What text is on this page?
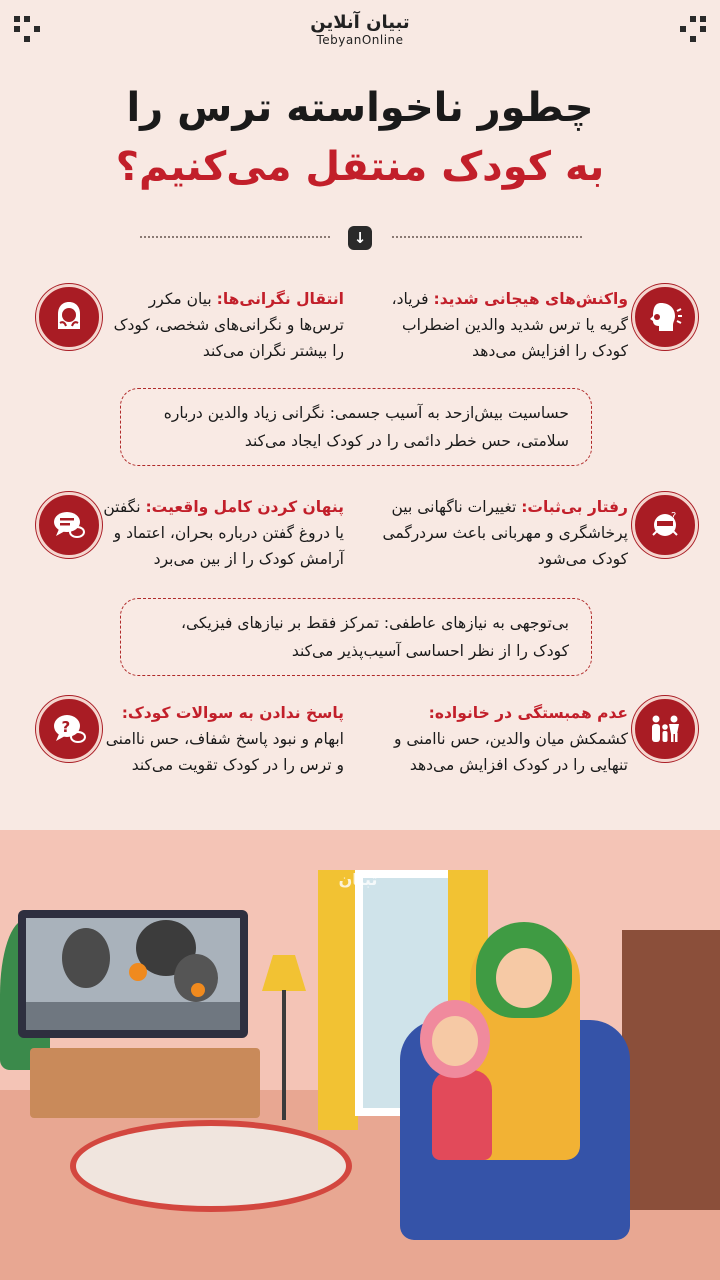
تبیان آنلاین
TebyanOnline
چطور ناخواسته ترس را
به کودک منتقل می‌کنیم؟
↓
واکنش‌های هیجانی شدید: فریاد، گریه یا ترس شدید والدین اضطراب کودک را افزایش می‌دهد
انتقال نگرانی‌ها: بیان مکرر ترس‌ها و نگرانی‌های شخصی، کودک را بیشتر نگران می‌کند
حساسیت بیش‌ازحد به آسیب جسمی: نگرانی زیاد والدین درباره سلامتی، حس خطر دائمی را در کودک ایجاد می‌کند
?
رفتار بی‌ثبات: تغییرات ناگهانی بین پرخاشگری و مهربانی باعث سردرگمی کودک می‌شود
پنهان کردن کامل واقعیت: نگفتن یا دروغ گفتن درباره بحران، اعتماد و آرامش کودک را از بین می‌برد
بی‌توجهی به نیازهای عاطفی: تمرکز فقط بر نیازهای فیزیکی، کودک را از نظر احساسی آسیب‌پذیر می‌کند
عدم همبستگی در خانواده: کشمکش میان والدین، حس ناامنی و تنهایی را در کودک افزایش می‌دهد
?
پاسخ ندادن به سوالات کودک: ابهام و نبود پاسخ شفاف، حس ناامنی و ترس را در کودک تقویت می‌کند
تبیان
